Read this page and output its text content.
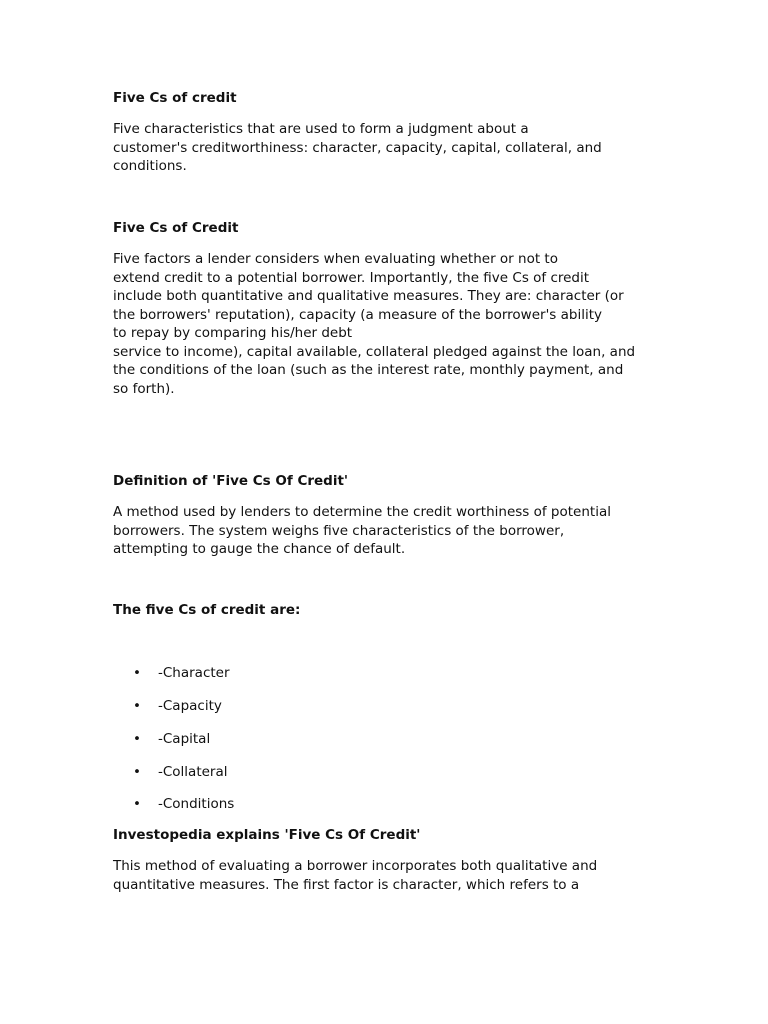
Five Cs of credit
Five characteristics that are used to form a judgment about a
customer's creditworthiness: character, capacity, capital, collateral, and
conditions.
Five Cs of Credit
Five factors a lender considers when evaluating whether or not to
extend credit to a potential borrower. Importantly, the five Cs of credit
include both quantitative and qualitative measures. They are: character (or
the borrowers' reputation), capacity (a measure of the borrower's ability
to repay by comparing his/her debt
service to income), capital available, collateral pledged against the loan, and
the conditions of the loan (such as the interest rate, monthly payment, and
so forth).
Definition of 'Five Cs Of Credit'
A method used by lenders to determine the credit worthiness of potential
borrowers. The system weighs five characteristics of the borrower,
attempting to gauge the chance of default.
The five Cs of credit are:
• -Character
• -Capacity
• -Capital
• -Collateral
• -Conditions
Investopedia explains 'Five Cs Of Credit'
This method of evaluating a borrower incorporates both qualitative and
quantitative measures. The first factor is character, which refers to a
